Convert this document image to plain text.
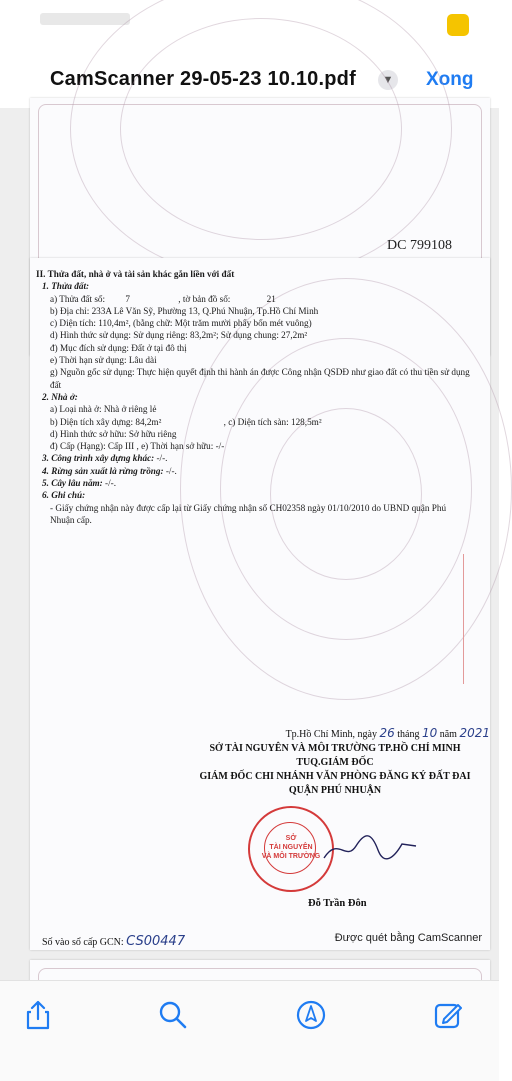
CamScanner 29-05-23 10.10.pdf	▼ Xong
DC 799108
II. Thửa đất, nhà ở và tài sản khác gắn liền với đất
1. Thửa đất:
a) Thửa đất số: 7	, tờ bản đồ số:	21
b) Địa chỉ: 233A Lê Văn Sỹ, Phường 13, Q.Phú Nhuận, Tp.Hồ Chí Minh
c) Diện tích: 110,4m², (bằng chữ: Một trăm mười phẩy bốn mét vuông)
d) Hình thức sử dụng: Sử dụng riêng: 83,2m²; Sử dụng chung: 27,2m²
đ) Mục đích sử dụng: Đất ở tại đô thị
e) Thời hạn sử dụng: Lâu dài
g) Nguồn gốc sử dụng: Thực hiện quyết định thi hành án được Công nhận QSDĐ như giao đất có thu tiền sử dụng đất
2. Nhà ở:
a) Loại nhà ở: Nhà ở riêng lẻ
b) Diện tích xây dựng: 84,2m²	, c) Diện tích sàn: 128,5m²
d) Hình thức sở hữu: Sở hữu riêng
đ) Cấp (Hạng): Cấp III , e) Thời hạn sở hữu: -/-
3. Công trình xây dựng khác: -/-.
4. Rừng sản xuất là rừng trồng: -/-.
5. Cây lâu năm: -/-.
6. Ghi chú:
- Giấy chứng nhận này được cấp lại từ Giấy chứng nhận số CH02358 ngày 01/10/2010 do UBND quận Phú Nhuận cấp.
Tp.Hồ Chí Minh, ngày 26 tháng 10 năm 2021
SỞ TÀI NGUYÊN VÀ MÔI TRƯỜNG TP.HỒ CHÍ MINH
TUQ.GIÁM ĐỐC
GIÁM ĐỐC CHI NHÁNH VĂN PHÒNG ĐĂNG KÝ ĐẤT ĐAI
QUẬN PHÚ NHUẬN
SỞ
TÀI NGUYÊN
VÀ MÔI TRƯỜNG
Đỗ Trần Đôn
Số vào sổ cấp GCN: CS00447	Được quét bằng CamScanner
